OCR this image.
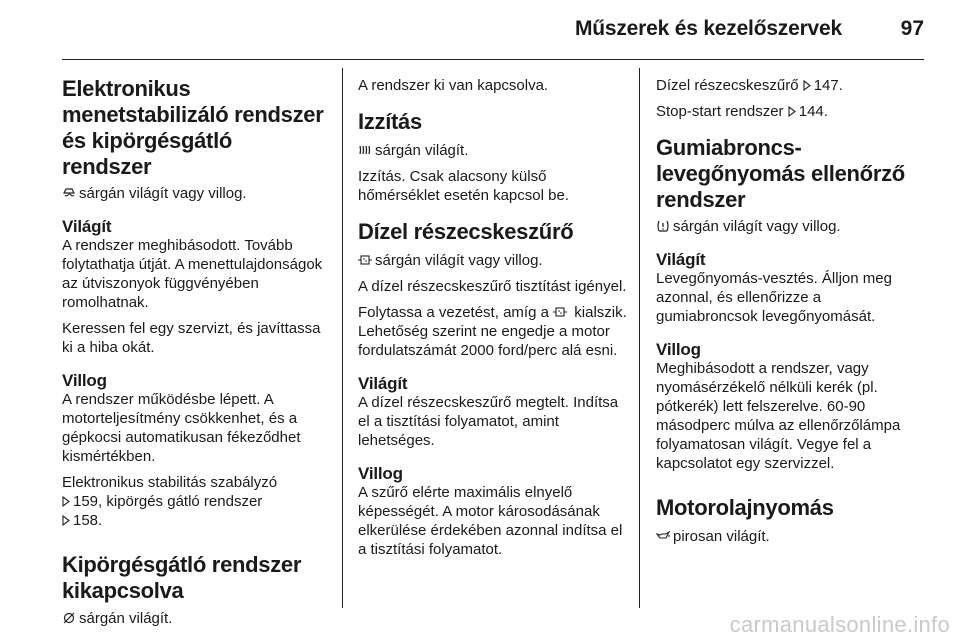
Műszerek és kezelőszervek	97
Elektronikus menetstabilizáló rendszer és kipörgésgátló rendszer

sárgán világít vagy villog.

Világít

A rendszer meghibásodott. Tovább folytathatja útját. A menettulajdonságok az útviszonyok függvényében romolhatnak.

Keressen fel egy szervizt, és javíttassa ki a hiba okát.

Villog

A rendszer működésbe lépett. A motorteljesítmény csökkenhet, és a gépkocsi automatikusan fékeződhet kismértékben.

Elektronikus stabilitás szabályzó
159, kipörgés gátló rendszer
158.

Kipörgésgátló rendszer kikapcsolva

sárgán világít.

A rendszer ki van kapcsolva.

Izzítás

sárgán világít.

Izzítás. Csak alacsony külső hőmérséklet esetén kapcsol be.

Dízel részecskeszűrő

sárgán világít vagy villog.

A dízel részecskeszűrő tisztítást igényel.

Folytassa a vezetést, amíg a kialszik. Lehetőség szerint ne engedje a motor fordulatszámát 2000 ford/perc alá esni.

Világít

A dízel részecskeszűrő megtelt. Indítsa el a tisztítási folyamatot, amint lehetséges.

Villog

A szűrő elérte maximális elnyelő képességét. A motor károsodásának elkerülése érdekében azonnal indítsa el a tisztítási folyamatot.

Dízel részecskeszűrő 147.

Stop-start rendszer 144.

Gumiabroncs-levegőnyomás ellenőrző rendszer

sárgán világít vagy villog.

Világít

Levegőnyomás-vesztés. Álljon meg azonnal, és ellenőrizze a gumiabroncsok levegőnyomását.

Villog

Meghibásodott a rendszer, vagy nyomásérzékelő nélküli kerék (pl. pótkerék) lett felszerelve. 60-90 másodperc múlva az ellenőrzőlámpa folyamatosan világít. Vegye fel a kapcsolatot egy szervizzel.

Motorolajnyomás

pirosan világít.

carmanualsonline.info
